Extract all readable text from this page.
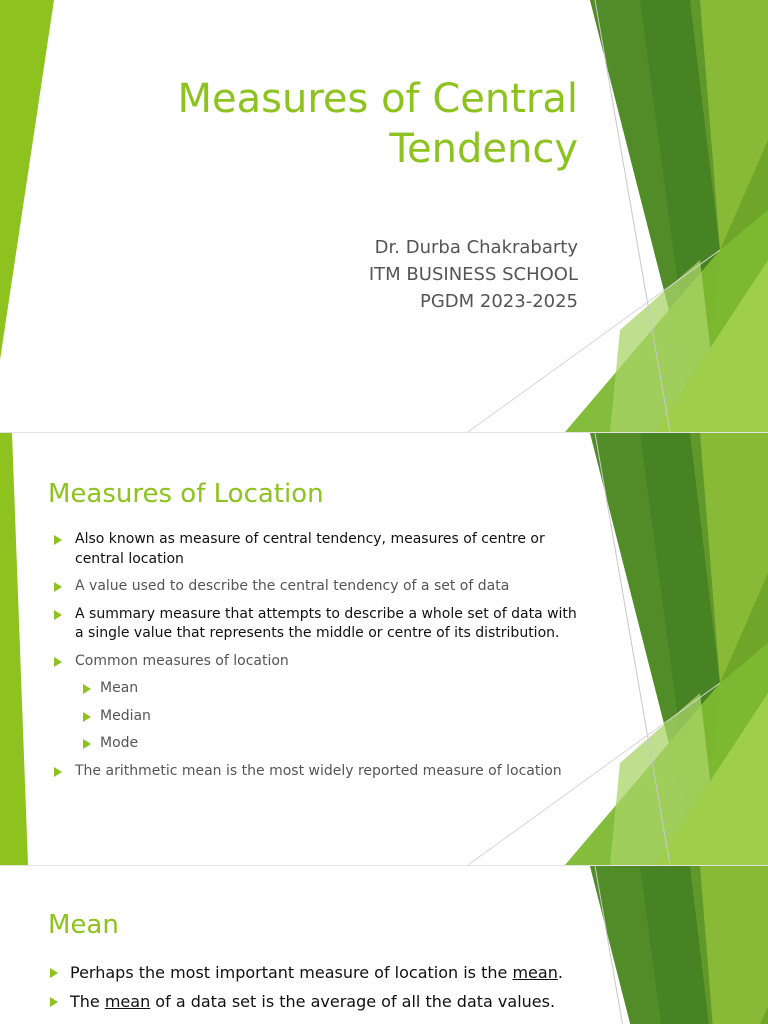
Measures of Central
Tendency

Dr. Durba Chakrabarty
ITM BUSINESS SCHOOL
PGDM 2023-2025

Measures of Location
Also known as measure of central tendency, measures of centre or central location
A value used to describe the central tendency of a set of data
A summary measure that attempts to describe a whole set of data with a single value that represents the middle or centre of its distribution.
Common measures of location
Mean
Median
Mode
The arithmetic mean is the most widely reported measure of location
Mean
Perhaps the most important measure of location is the mean.
The mean of a data set is the average of all the data values.
